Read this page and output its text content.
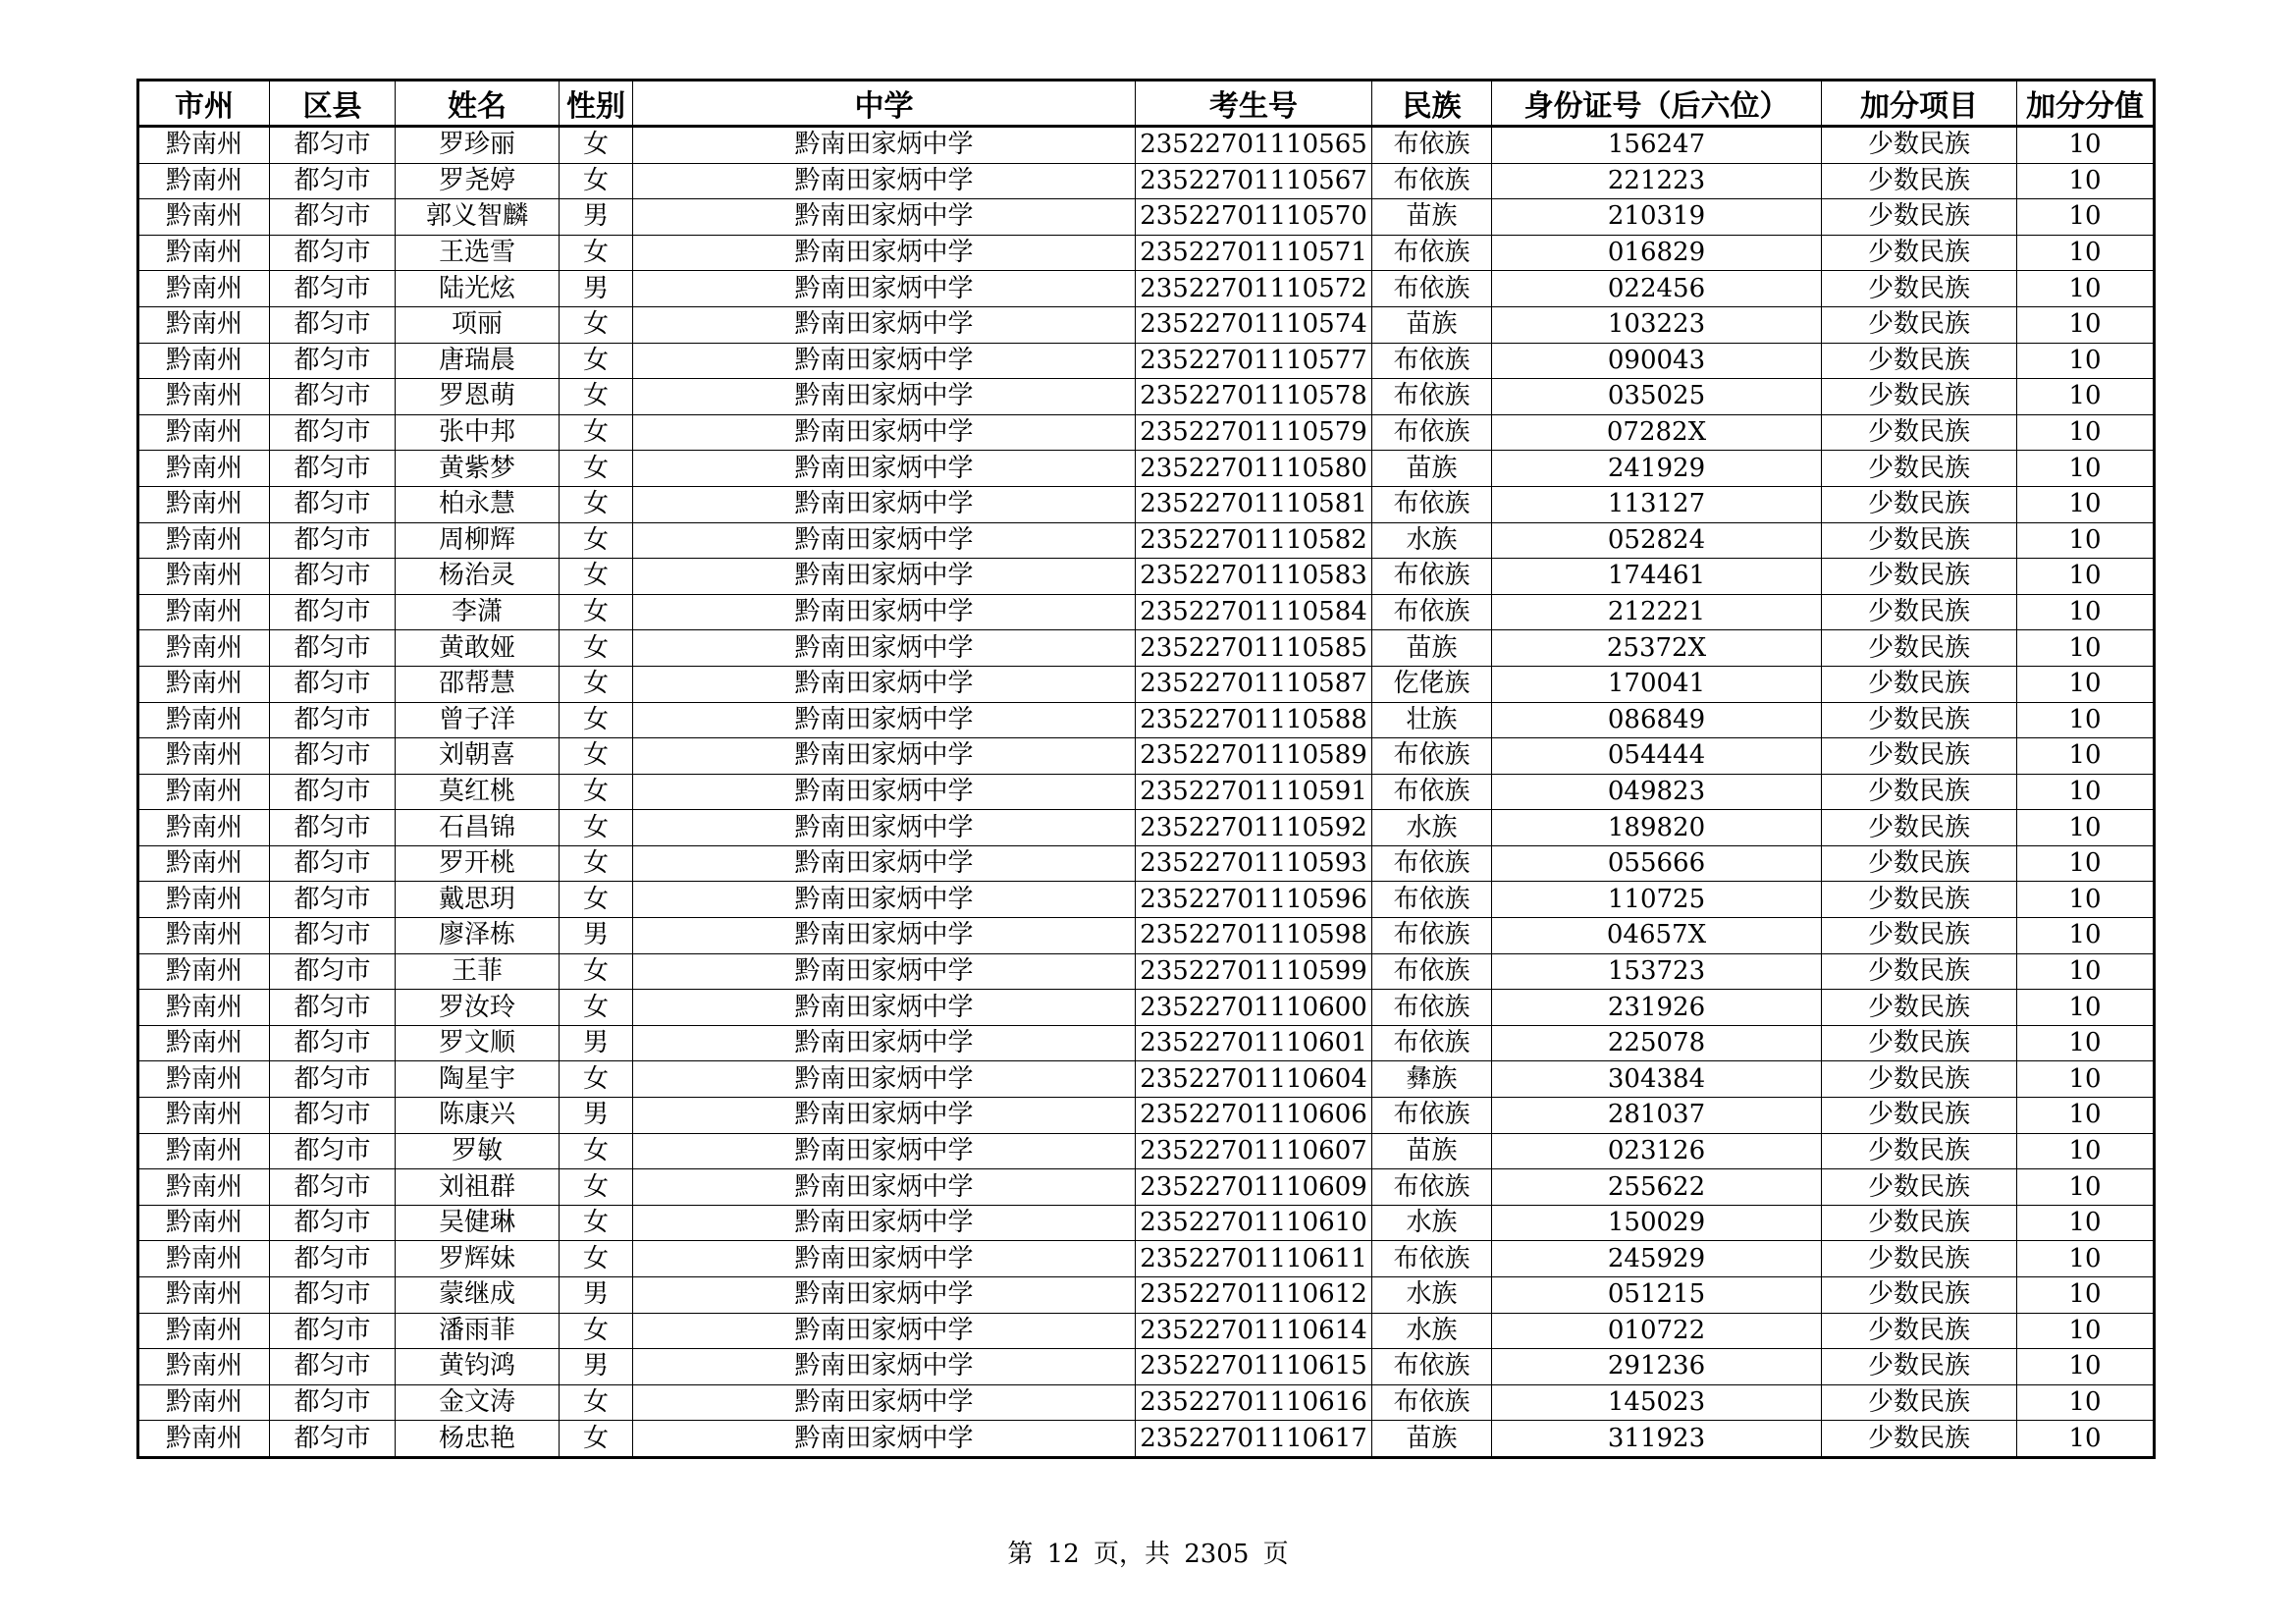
市州	区县	姓名	性别	中学	考生号	民族	身份证号（后六位）	加分项目	加分分值
黔南州	都匀市	罗珍丽	女	黔南田家炳中学	23522701110565	布依族	156247	少数民族	10
黔南州	都匀市	罗尧婷	女	黔南田家炳中学	23522701110567	布依族	221223	少数民族	10
黔南州	都匀市	郭义智麟	男	黔南田家炳中学	23522701110570	苗族	210319	少数民族	10
黔南州	都匀市	王选雪	女	黔南田家炳中学	23522701110571	布依族	016829	少数民族	10
黔南州	都匀市	陆光炫	男	黔南田家炳中学	23522701110572	布依族	022456	少数民族	10
黔南州	都匀市	项丽	女	黔南田家炳中学	23522701110574	苗族	103223	少数民族	10
黔南州	都匀市	唐瑞晨	女	黔南田家炳中学	23522701110577	布依族	090043	少数民族	10
黔南州	都匀市	罗恩萌	女	黔南田家炳中学	23522701110578	布依族	035025	少数民族	10
黔南州	都匀市	张中邦	女	黔南田家炳中学	23522701110579	布依族	07282X	少数民族	10
黔南州	都匀市	黄紫梦	女	黔南田家炳中学	23522701110580	苗族	241929	少数民族	10
黔南州	都匀市	柏永慧	女	黔南田家炳中学	23522701110581	布依族	113127	少数民族	10
黔南州	都匀市	周柳辉	女	黔南田家炳中学	23522701110582	水族	052824	少数民族	10
黔南州	都匀市	杨治灵	女	黔南田家炳中学	23522701110583	布依族	174461	少数民族	10
黔南州	都匀市	李潇	女	黔南田家炳中学	23522701110584	布依族	212221	少数民族	10
黔南州	都匀市	黄敢娅	女	黔南田家炳中学	23522701110585	苗族	25372X	少数民族	10
黔南州	都匀市	邵帮慧	女	黔南田家炳中学	23522701110587	仡佬族	170041	少数民族	10
黔南州	都匀市	曾子洋	女	黔南田家炳中学	23522701110588	壮族	086849	少数民族	10
黔南州	都匀市	刘朝喜	女	黔南田家炳中学	23522701110589	布依族	054444	少数民族	10
黔南州	都匀市	莫红桃	女	黔南田家炳中学	23522701110591	布依族	049823	少数民族	10
黔南州	都匀市	石昌锦	女	黔南田家炳中学	23522701110592	水族	189820	少数民族	10
黔南州	都匀市	罗开桃	女	黔南田家炳中学	23522701110593	布依族	055666	少数民族	10
黔南州	都匀市	戴思玥	女	黔南田家炳中学	23522701110596	布依族	110725	少数民族	10
黔南州	都匀市	廖泽栋	男	黔南田家炳中学	23522701110598	布依族	04657X	少数民族	10
黔南州	都匀市	王菲	女	黔南田家炳中学	23522701110599	布依族	153723	少数民族	10
黔南州	都匀市	罗汝玲	女	黔南田家炳中学	23522701110600	布依族	231926	少数民族	10
黔南州	都匀市	罗文顺	男	黔南田家炳中学	23522701110601	布依族	225078	少数民族	10
黔南州	都匀市	陶星宇	女	黔南田家炳中学	23522701110604	彝族	304384	少数民族	10
黔南州	都匀市	陈康兴	男	黔南田家炳中学	23522701110606	布依族	281037	少数民族	10
黔南州	都匀市	罗敏	女	黔南田家炳中学	23522701110607	苗族	023126	少数民族	10
黔南州	都匀市	刘祖群	女	黔南田家炳中学	23522701110609	布依族	255622	少数民族	10
黔南州	都匀市	吴健琳	女	黔南田家炳中学	23522701110610	水族	150029	少数民族	10
黔南州	都匀市	罗辉妹	女	黔南田家炳中学	23522701110611	布依族	245929	少数民族	10
黔南州	都匀市	蒙继成	男	黔南田家炳中学	23522701110612	水族	051215	少数民族	10
黔南州	都匀市	潘雨菲	女	黔南田家炳中学	23522701110614	水族	010722	少数民族	10
黔南州	都匀市	黄钧鸿	男	黔南田家炳中学	23522701110615	布依族	291236	少数民族	10
黔南州	都匀市	金文涛	女	黔南田家炳中学	23522701110616	布依族	145023	少数民族	10
黔南州	都匀市	杨忠艳	女	黔南田家炳中学	23522701110617	苗族	311923	少数民族	10
第 12 页，共 2305 页
